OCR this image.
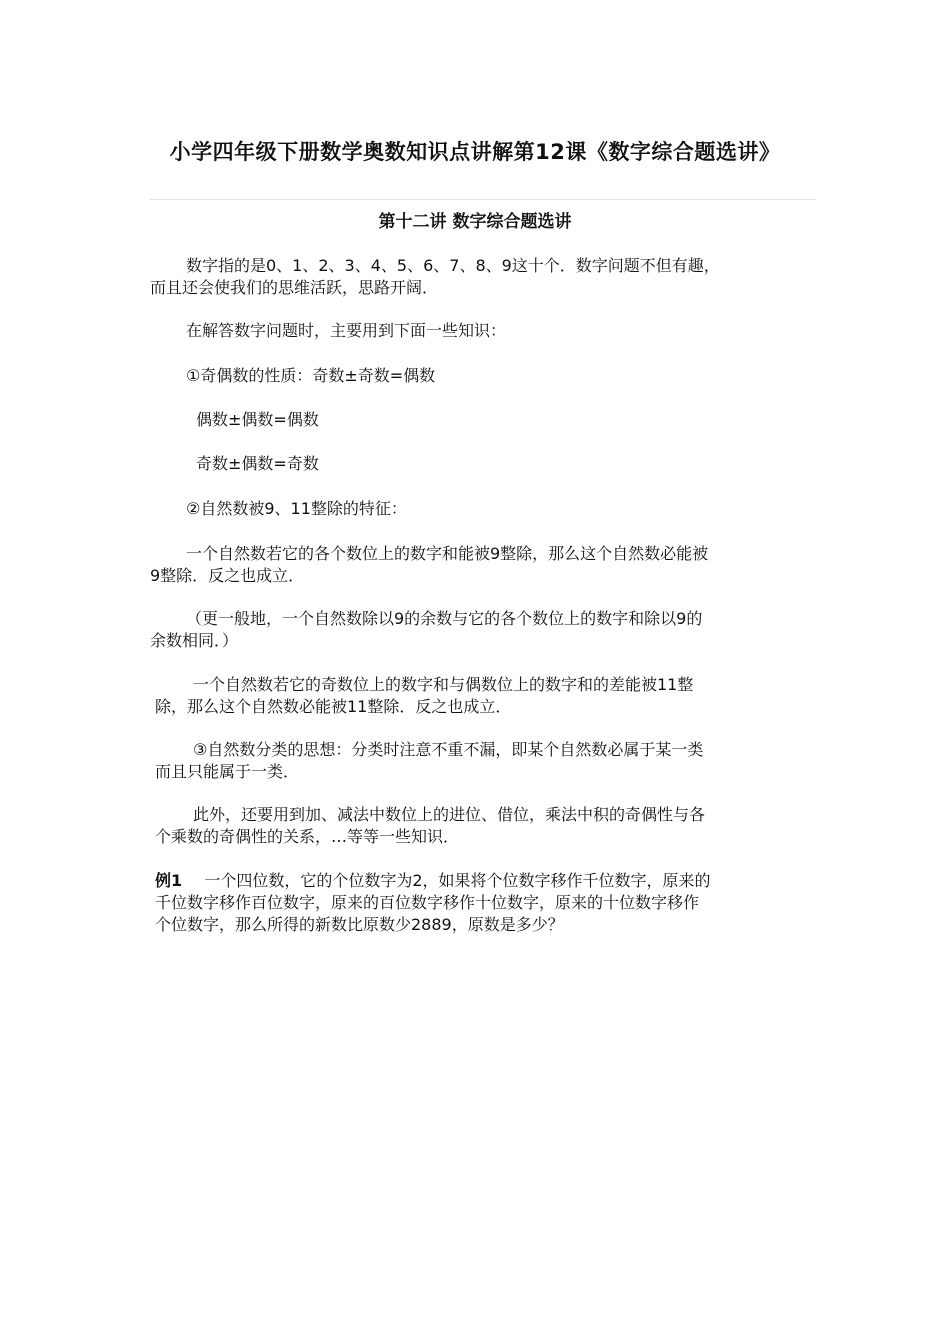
小学四年级下册数学奥数知识点讲解第12课《数字综合题选讲》
第十二讲 数字综合题选讲
数字指的是0、1、2、3、4、5、6、7、8、9这十个．数字问题不但有趣，
而且还会使我们的思维活跃，思路开阔．
在解答数字问题时，主要用到下面一些知识：
①奇偶数的性质：奇数±奇数=偶数
偶数±偶数=偶数
奇数±偶数=奇数
②自然数被9、11整除的特征：
一个自然数若它的各个数位上的数字和能被9整除，那么这个自然数必能被
9整除．反之也成立．
（更一般地，一个自然数除以9的余数与它的各个数位上的数字和除以9的
余数相同．）
一个自然数若它的奇数位上的数字和与偶数位上的数字和的差能被11整
除，那么这个自然数必能被11整除．反之也成立．
③自然数分类的思想：分类时注意不重不漏，即某个自然数必属于某一类
而且只能属于一类．
此外，还要用到加、减法中数位上的进位、借位，乘法中积的奇偶性与各
个乘数的奇偶性的关系，…等等一些知识．
例1 一个四位数，它的个位数字为2，如果将个位数字移作千位数字，原来的
千位数字移作百位数字，原来的百位数字移作十位数字，原来的十位数字移作
个位数字，那么所得的新数比原数少2889，原数是多少？
